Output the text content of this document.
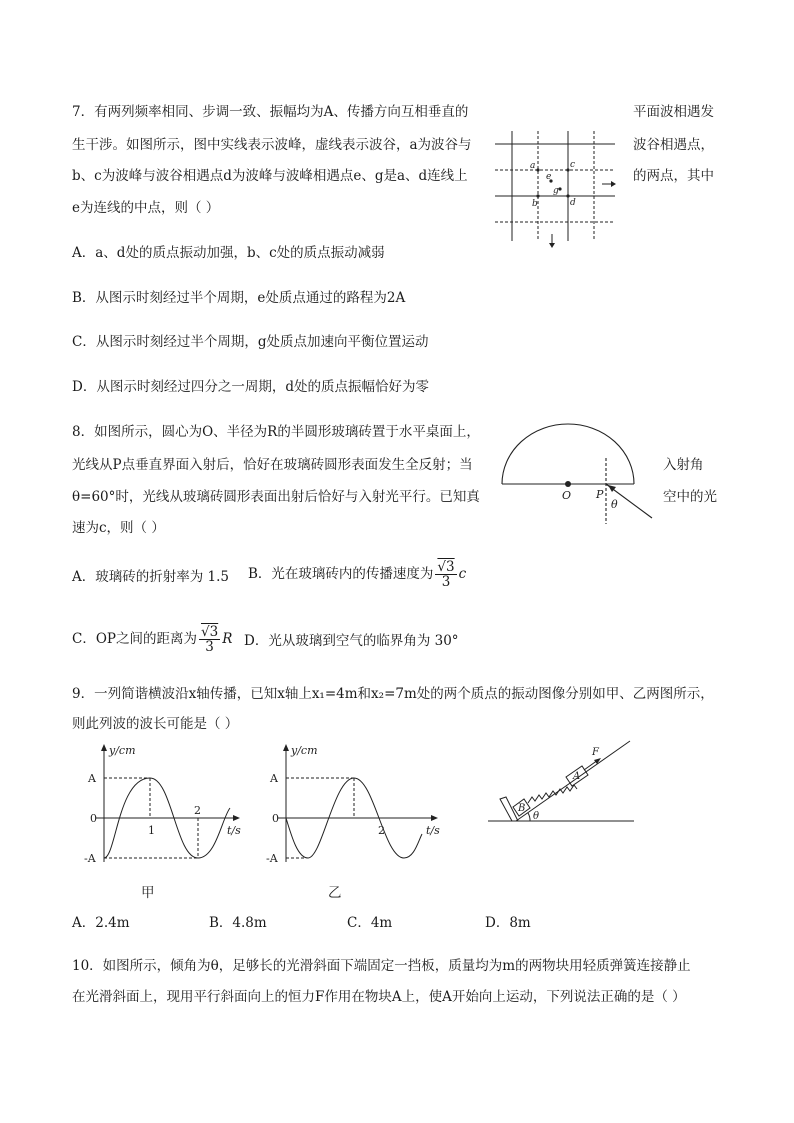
7．有两列频率相同、步调一致、振幅均为A、传播方向互相垂直的	平面波相遇发
生干涉。如图所示，图中实线表示波峰，虚线表示波谷，a为波谷与	波谷相遇点，
b、c为波峰与波谷相遇点d为波峰与波峰相遇点e、g是a、d连线上	的两点，其中
e为连线的中点，则（ ）
a	c
b	d
e
g
A．a、d处的质点振动加强，b、c处的质点振动减弱
B．从图示时刻经过半个周期，e处质点通过的路程为2A
C．从图示时刻经过半个周期，g处质点加速向平衡位置运动
D．从图示时刻经过四分之一周期，d处的质点振幅恰好为零
8．如图所示，圆心为O、半径为R的半圆形玻璃砖置于水平桌面上，
光线从P点垂直界面入射后，恰好在玻璃砖圆形表面发生全反射；当	入射角
θ=60°时，光线从玻璃砖圆形表面出射后恰好与入射光平行。已知真	空中的光
速为c，则（ ）
O P
θ
A．玻璃砖的折射率为 1.5 B．光在玻璃砖内的传播速度为 $\frac{√3}{3}$ c
C．OP之间的距离为 $\frac{√3}{3}$ R D．光从玻璃到空气的临界角为 30°
9．一列简谐横波沿x轴传播，已知x轴上x₁=4m和x₂=7m处的两个质点的振动图像分别如甲、乙两图所示，
则此列波的波长可能是（ ）
y/cm
t/s
A
0
-A
1
2
甲
y/cm
t/s
A
0
-A
2
乙
F
A
B
θ
A．2.4m	B．4.8m	C．4m	D．8m
10．如图所示，倾角为θ，足够长的光滑斜面下端固定一挡板，质量均为m的两物块用轻质弹簧连接静止
在光滑斜面上，现用平行斜面向上的恒力F作用在物块A上，使A开始向上运动，下列说法正确的是（ ）
